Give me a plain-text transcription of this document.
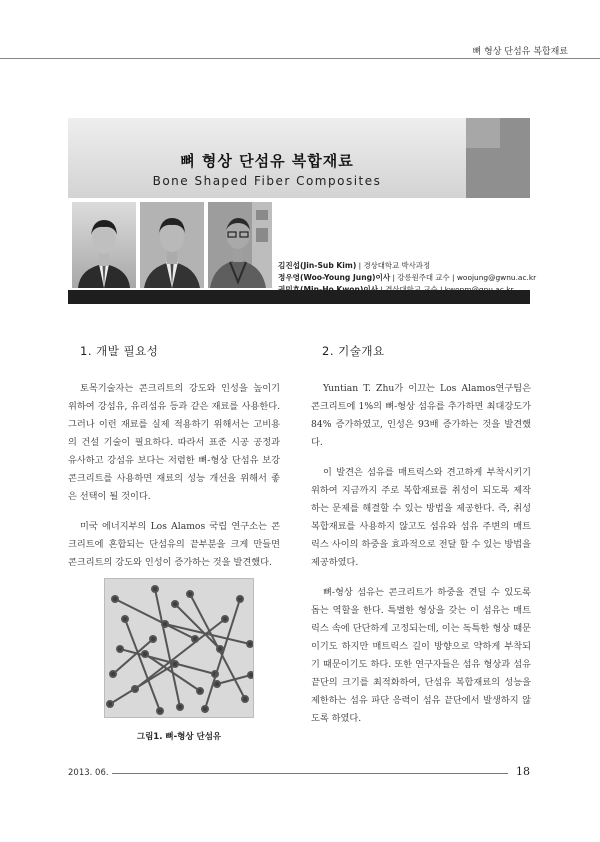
뼈 형상 단섬유 복합재료
뼈 형상 단섬유 복합재료
Bone Shaped Fiber Composites
김진섭(Jin-Sub Kim) | 경상대학교 박사과정
정우영(Woo-Young Jung)이사 | 강릉원주대 교수 | woojung@gwnu.ac.kr
1. 개발 필요성	2. 기술개요

토목기술자는 콘크리트의 강도와 인성을 높이기 위하여 강섬유, 유리섬유 등과 같은 재료를 사용한다. 그러나 이런 재료를 실제 적용하기 위해서는 고비용의 건설 기술이 필요하다. 따라서 표준 시공 공정과 유사하고 강섬유 보다는 저렴한 뼈-형상 단섬유 보강 콘크리트를 사용하면 재료의 성능 개선을 위해서 좋은 선택이 될 것이다.

미국 에너지부의 Los Alamos 국립 연구소는 콘크리트에 혼합되는 단섬유의 끝부분을 크게 만들면 콘크리트의 강도와 인성이 증가하는 것을 발견했다.

Yuntian T. Zhu가 이끄는 Los Alamos연구팀은 콘크리트에 1%의 뼈-형상 섬유를 추가하면 최대강도가 84% 증가하였고, 인성은 93배 증가하는 것을 발견했다.

이 발견은 섬유를 매트릭스와 견고하게 부착시키기 위하여 지금까지 주로 복합재료를 취성이 되도록 제작하는 문제를 해결할 수 있는 방법을 제공한다. 즉, 취성 복합재료를 사용하지 않고도 섬유와 섬유 주변의 매트릭스 사이의 하중을 효과적으로 전달 할 수 있는 방법을 제공하였다.

뼈-형상 섬유는 콘크리트가 하중을 견딜 수 있도록 돕는 역할을 한다. 특별한 형상을 갖는 이 섬유는 매트릭스 속에 단단하게 고정되는데, 이는 독특한 형상 때문이기도 하지만 매트릭스 길이 방향으로 약하게 부착되기 때문이기도 하다. 또한 연구자들은 섬유 형상과 섬유 끝단의 크기를 최적화하여, 단섬유 복합재료의 성능을 제한하는 섬유 파단 응력이 섬유 끝단에서 발생하지 않도록 하였다.

그림1. 뼈-형상 단섬유
2013. 06.	18
